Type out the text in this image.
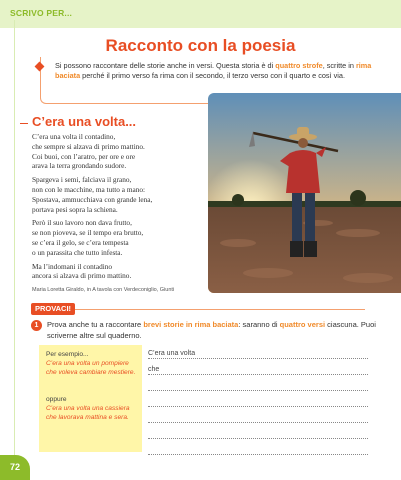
SCRIVO PER...
Racconto con la poesia
Si possono raccontare delle storie anche in versi. Questa storia è di quattro strofe, scritte in rima baciata perché il primo verso fa rima con il secondo, il terzo verso con il quarto e così via.
C’era una volta...
C’era una volta il contadino,
che sempre si alzava di primo mattino.
Coi buoi, con l’aratro, per ore e ore
arava la terra grondando sudore.
Spargeva i semi, falciava il grano,
non con le macchine, ma tutto a mano:
Spostava, ammucchiava con grande lena,
portava pesi sopra la schiena.
Però il suo lavoro non dava frutto,
se non pioveva, se il tempo era brutto,
se c’era il gelo, se c’era tempesta
o un parassita che tutto infesta.
Ma l’indomani il contadino
ancora si alzava di primo mattino.
Maria Loretta Giraldo, in A tavola con Verdeconiglio, Giunti
PROVACI!
1	Prova anche tu a raccontare brevi storie in rima baciata: saranno di quattro versi ciascuna. Puoi scriverne altre sul quaderno.

Per esempio...

C’era una volta un pompiere che voleva cambiare mestiere.

oppure

C’era una volta una cassiera che lavorava mattina e sera.

C’era una volta
che
72
